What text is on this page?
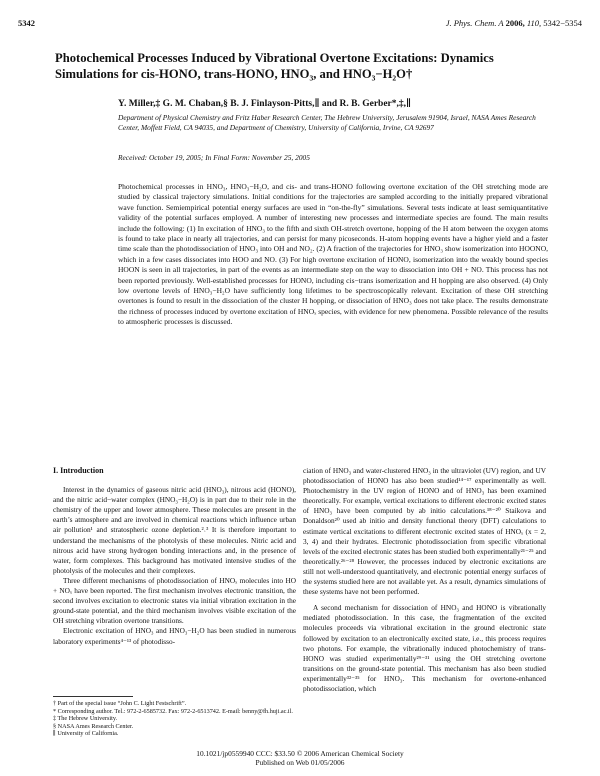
5342	J. Phys. Chem. A 2006, 110, 5342−5354
Photochemical Processes Induced by Vibrational Overtone Excitations: Dynamics Simulations for cis-HONO, trans-HONO, HNO₃, and HNO₃−H₂O†
Y. Miller,‡ G. M. Chaban,§ B. J. Finlayson-Pitts,∥ and R. B. Gerber*,‡,∥
Department of Physical Chemistry and Fritz Haber Research Center, The Hebrew University, Jerusalem 91904, Israel, NASA Ames Research Center, Moffett Field, CA 94035, and Department of Chemistry, University of California, Irvine, CA 92697
Received: October 19, 2005; In Final Form: November 25, 2005
Photochemical processes in HNO₃, HNO₃−H₂O, and cis- and trans-HONO following overtone excitation of the OH stretching mode are studied by classical trajectory simulations. Initial conditions for the trajectories are sampled according to the initially prepared vibrational wave function. Semiempirical potential energy surfaces are used in “on-the-fly” simulations. Several tests indicate at least semiquantitative validity of the potential surfaces employed. A number of interesting new processes and intermediate species are found. The main results include the following: (1) In excitation of HNO₃ to the fifth and sixth OH-stretch overtone, hopping of the H atom between the oxygen atoms is found to take place in nearly all trajectories, and can persist for many picoseconds. H-atom hopping events have a higher yield and a faster time scale than the photodissociation of HNO₃ into OH and NO₂. (2) A fraction of the trajectories for HNO₃ show isomerization into HOONO, which in a few cases dissociates into HOO and NO. (3) For high overtone excitation of HONO, isomerization into the weakly bound species HOON is seen in all trajectories, in part of the events as an intermediate step on the way to dissociation into OH + NO. This process has not been reported previously. Well-established processes for HONO, including cis−trans isomerization and H hopping are also observed. (4) Only low overtone levels of HNO₃−H₂O have sufficiently long lifetimes to be spectroscopically relevant. Excitation of these OH stretching overtones is found to result in the dissociation of the cluster H hopping, or dissociation of HNO₃ does not take place. The results demonstrate the richness of processes induced by overtone excitation of HNOₓ species, with evidence for new phenomena. Possible relevance of the results to atmospheric processes is discussed.
I. Introduction

Interest in the dynamics of gaseous nitric acid (HNO₃), nitrous acid (HONO), and the nitric acid−water complex (HNO₃−H₂O) is in part due to their role in the chemistry of the upper and lower atmosphere. These molecules are present in the earth’s atmosphere and are involved in chemical reactions which influence urban air pollution¹ and stratospheric ozone depletion.²˒³ It is therefore important to understand the mechanisms of the photolysis of these molecules. Nitric acid and nitrous acid have strong hydrogen bonding interactions and, in the presence of water, form complexes. This background has motivated intensive studies of the photolysis of the molecules and their complexes.

Three different mechanisms of photodissociation of HNOₓ molecules into HO + NOₓ have been reported. The first mechanism involves electronic transition, the second involves excitation to electronic states via initial vibration excitation in the ground-state potential, and the third mechanism involves visible excitation of the OH stretching vibration overtone transitions.

Electronic excitation of HNO₃ and HNO₃−H₂O has been studied in numerous laboratory experiments⁴⁻¹³ of photodisso-

ciation of HNO₃ and water-clustered HNO₃ in the ultraviolet (UV) region, and UV photodissociation of HONO has also been studied¹⁴⁻¹⁷ experimentally as well. Photochemistry in the UV region of HONO and of HNO₃ has been examined theoretically. For example, vertical excitations to different electronic excited states of HNO₃ have been computed by ab initio calculations.¹⁸⁻²⁰ Staikova and Donaldson²⁰ used ab initio and density functional theory (DFT) calculations to estimate vertical excitations to different electronic excited states of HNOₓ (x = 2, 3, 4) and their hydrates. Electronic photodissociation from specific vibrational levels of the excited electronic states has been studied both experimentally²¹⁻²⁵ and theoretically.²⁶⁻²⁸ However, the processes induced by electronic excitations are still not well-understood quantitatively, and electronic potential energy surfaces of the systems studied here are not available yet. As a result, dynamics simulations of these systems have not been performed.

A second mechanism for dissociation of HNO₃ and HONO is vibrationally mediated photodissociation. In this case, the fragmentation of the excited molecules proceeds via vibrational excitation in the ground electronic state followed by excitation to an electronically excited state, i.e., this process requires two photons. For example, the vibrationally induced photochemistry of trans-HONO was studied experimentally²⁹⁻³¹ using the OH stretching overtone transitions on the ground-state potential. This mechanism has also been studied experimentally³²⁻³⁵ for HNO₃. This mechanism for overtone-enhanced photodissociation, which

† Part of the special issue “John C. Light Festschrift”.
* Corresponding author. Tel.: 972-2-6585732. Fax: 972-2-6513742. E-mail: benny@fh.huji.ac.il.
‡ The Hebrew University.
§ NASA Ames Research Center.
∥ University of California.
10.1021/jp0559940 CCC: $33.50 © 2006 American Chemical Society
Published on Web 01/05/2006
